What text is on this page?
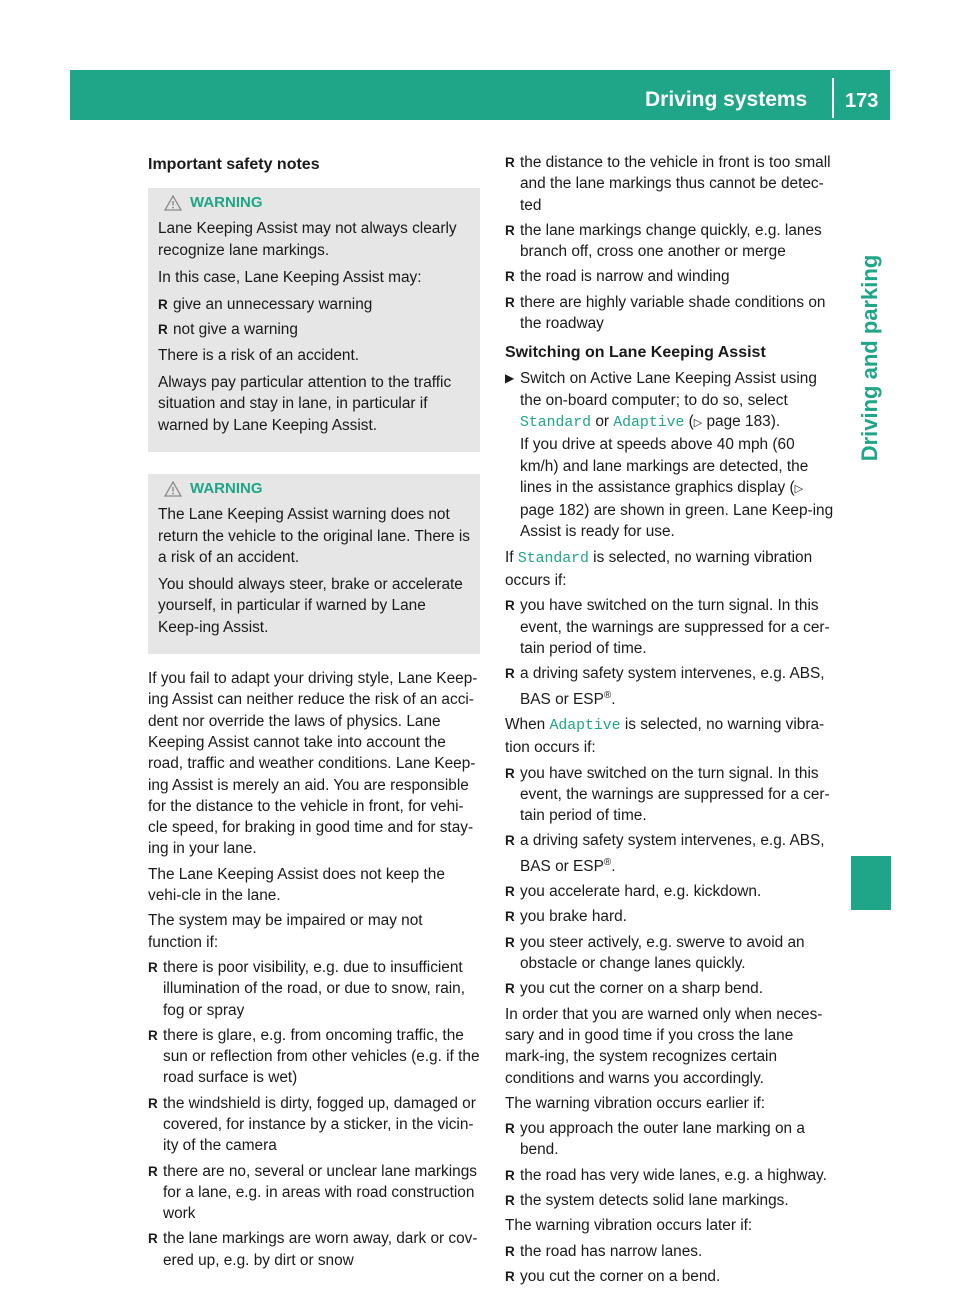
Driving systems 173
Driving and parking
Important safety notes
WARNING

Lane Keeping Assist may not always clearly recognize lane markings.

In this case, Lane Keeping Assist may:

R give an unnecessary warning
R not give a warning

There is a risk of an accident.

Always pay particular attention to the traffic situation and stay in lane, in particular if warned by Lane Keeping Assist.

WARNING

The Lane Keeping Assist warning does not return the vehicle to the original lane. There is a risk of an accident.

You should always steer, brake or accelerate yourself, in particular if warned by Lane Keep-ing Assist.

If you fail to adapt your driving style, Lane Keep-ing Assist can neither reduce the risk of an acci-dent nor override the laws of physics. Lane Keeping Assist cannot take into account the road, traffic and weather conditions. Lane Keep-ing Assist is merely an aid. You are responsible for the distance to the vehicle in front, for vehi-cle speed, for braking in good time and for stay-ing in your lane.

The Lane Keeping Assist does not keep the vehi-cle in the lane.

The system may be impaired or may not function if:

R there is poor visibility, e.g. due to insufficient illumination of the road, or due to snow, rain, fog or spray
R there is glare, e.g. from oncoming traffic, the sun or reflection from other vehicles (e.g. if the road surface is wet)
R the windshield is dirty, fogged up, damaged or covered, for instance by a sticker, in the vicin-ity of the camera
R there are no, several or unclear lane markings for a lane, e.g. in areas with road construction work
R the lane markings are worn away, dark or cov-ered up, e.g. by dirt or snow
R the distance to the vehicle in front is too small and the lane markings thus cannot be detec-ted
R the lane markings change quickly, e.g. lanes branch off, cross one another or merge
R the road is narrow and winding
R there are highly variable shade conditions on the roadway
Switching on Lane Keeping Assist
▶ Switch on Active Lane Keeping Assist using the on-board computer; to do so, select Standard or Adaptive (▷ page 183).
If you drive at speeds above 40 mph (60 km/h) and lane markings are detected, the lines in the assistance graphics display (▷ page 182) are shown in green. Lane Keep-ing Assist is ready for use.

If Standard is selected, no warning vibration occurs if:

R you have switched on the turn signal. In this event, the warnings are suppressed for a cer-tain period of time.
R a driving safety system intervenes, e.g. ABS, BAS or ESP®.

When Adaptive is selected, no warning vibra-tion occurs if:

R you have switched on the turn signal. In this event, the warnings are suppressed for a cer-tain period of time.
R a driving safety system intervenes, e.g. ABS, BAS or ESP®.
R you accelerate hard, e.g. kickdown.
R you brake hard.
R you steer actively, e.g. swerve to avoid an obstacle or change lanes quickly.
R you cut the corner on a sharp bend.

In order that you are warned only when neces-sary and in good time if you cross the lane mark-ing, the system recognizes certain conditions and warns you accordingly.

The warning vibration occurs earlier if:

R you approach the outer lane marking on a bend.
R the road has very wide lanes, e.g. a highway.
R the system detects solid lane markings.

The warning vibration occurs later if:

R the road has narrow lanes.
R you cut the corner on a bend.
